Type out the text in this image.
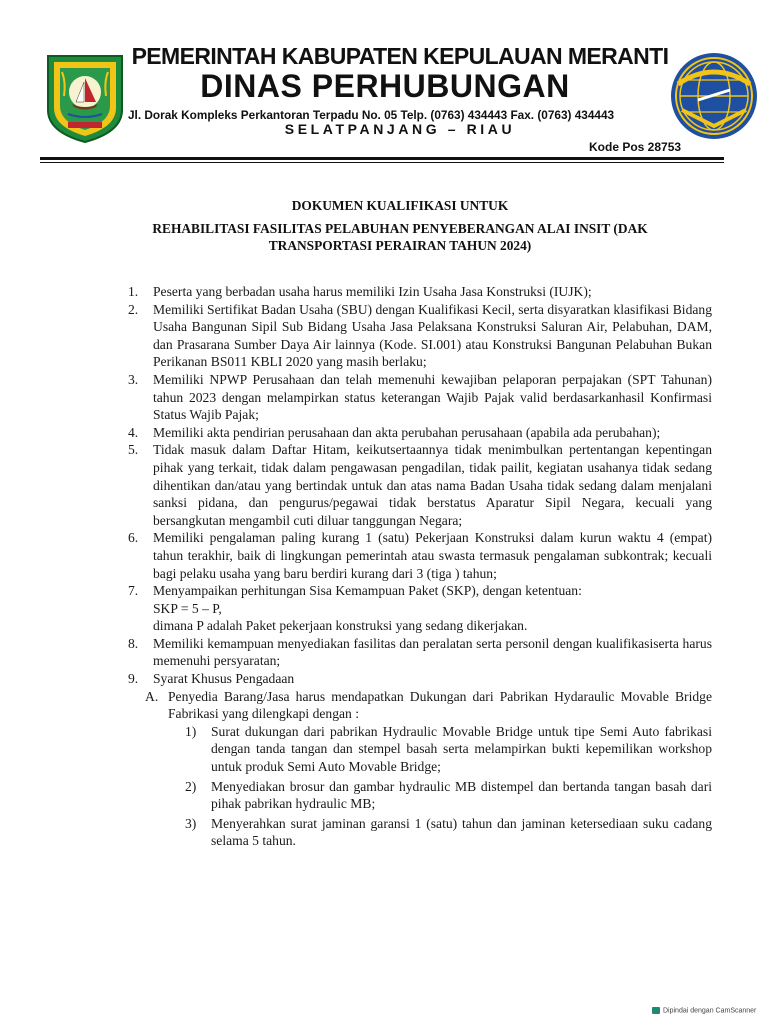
PEMERINTAH KABUPATEN KEPULAUAN MERANTI
DINAS PERHUBUNGAN
Jl. Dorak Kompleks Perkantoran Terpadu No. 05 Telp. (0763) 434443 Fax. (0763) 434443
SELATPANJANG – RIAU
Kode Pos 28753
DOKUMEN KUALIFIKASI UNTUK
REHABILITASI FASILITAS PELABUHAN PENYEBERANGAN ALAI INSIT (DAK
TRANSPORTASI PERAIRAN TAHUN 2024)
1. Peserta yang berbadan usaha harus memiliki Izin Usaha Jasa Konstruksi (IUJK);
2. Memiliki Sertifikat Badan Usaha (SBU) dengan Kualifikasi Kecil, serta disyaratkan klasifikasi Bidang Usaha Bangunan Sipil Sub Bidang Usaha Jasa Pelaksana Konstruksi Saluran Air, Pelabuhan, DAM, dan Prasarana Sumber Daya Air lainnya (Kode. SI.001) atau Konstruksi Bangunan Pelabuhan Bukan Perikanan BS011 KBLI 2020 yang masih berlaku;
3. Memiliki NPWP Perusahaan dan telah memenuhi kewajiban pelaporan perpajakan (SPT Tahunan) tahun 2023 dengan melampirkan status keterangan Wajib Pajak valid berdasarkanhasil Konfirmasi Status Wajib Pajak;
4. Memiliki akta pendirian perusahaan dan akta perubahan perusahaan (apabila ada perubahan);
5. Tidak masuk dalam Daftar Hitam, keikutsertaannya tidak menimbulkan pertentangan kepentingan pihak yang terkait, tidak dalam pengawasan pengadilan, tidak pailit, kegiatan usahanya tidak sedang dihentikan dan/atau yang bertindak untuk dan atas nama Badan Usaha tidak sedang dalam menjalani sanksi pidana, dan pengurus/pegawai tidak berstatus Aparatur Sipil Negara, kecuali yang bersangkutan mengambil cuti diluar tanggungan Negara;
6. Memiliki pengalaman paling kurang 1 (satu) Pekerjaan Konstruksi dalam kurun waktu 4 (empat) tahun terakhir, baik di lingkungan pemerintah atau swasta termasuk pengalaman subkontrak; kecuali bagi pelaku usaha yang baru berdiri kurang dari 3 (tiga ) tahun;
7. Menyampaikan perhitungan Sisa Kemampuan Paket (SKP), dengan ketentuan:
SKP = 5 – P,
dimana P adalah Paket pekerjaan konstruksi yang sedang dikerjakan.
8. Memiliki kemampuan menyediakan fasilitas dan peralatan serta personil dengan kualifikasiserta harus memenuhi persyaratan;
9. Syarat Khusus Pengadaan
A. Penyedia Barang/Jasa harus mendapatkan Dukungan dari Pabrikan Hydaraulic Movable Bridge Fabrikasi yang dilengkapi dengan :
1) Surat dukungan dari pabrikan Hydraulic Movable Bridge untuk tipe Semi Auto fabrikasi dengan tanda tangan dan stempel basah serta melampirkan bukti kepemilikan workshop untuk produk Semi Auto Movable Bridge;
2) Menyediakan brosur dan gambar hydraulic MB distempel dan bertanda tangan basah dari pihak pabrikan hydraulic MB;
3) Menyerahkan surat jaminan garansi 1 (satu) tahun dan jaminan ketersediaan suku cadang selama 5 tahun.
Dipindai dengan CamScanner
